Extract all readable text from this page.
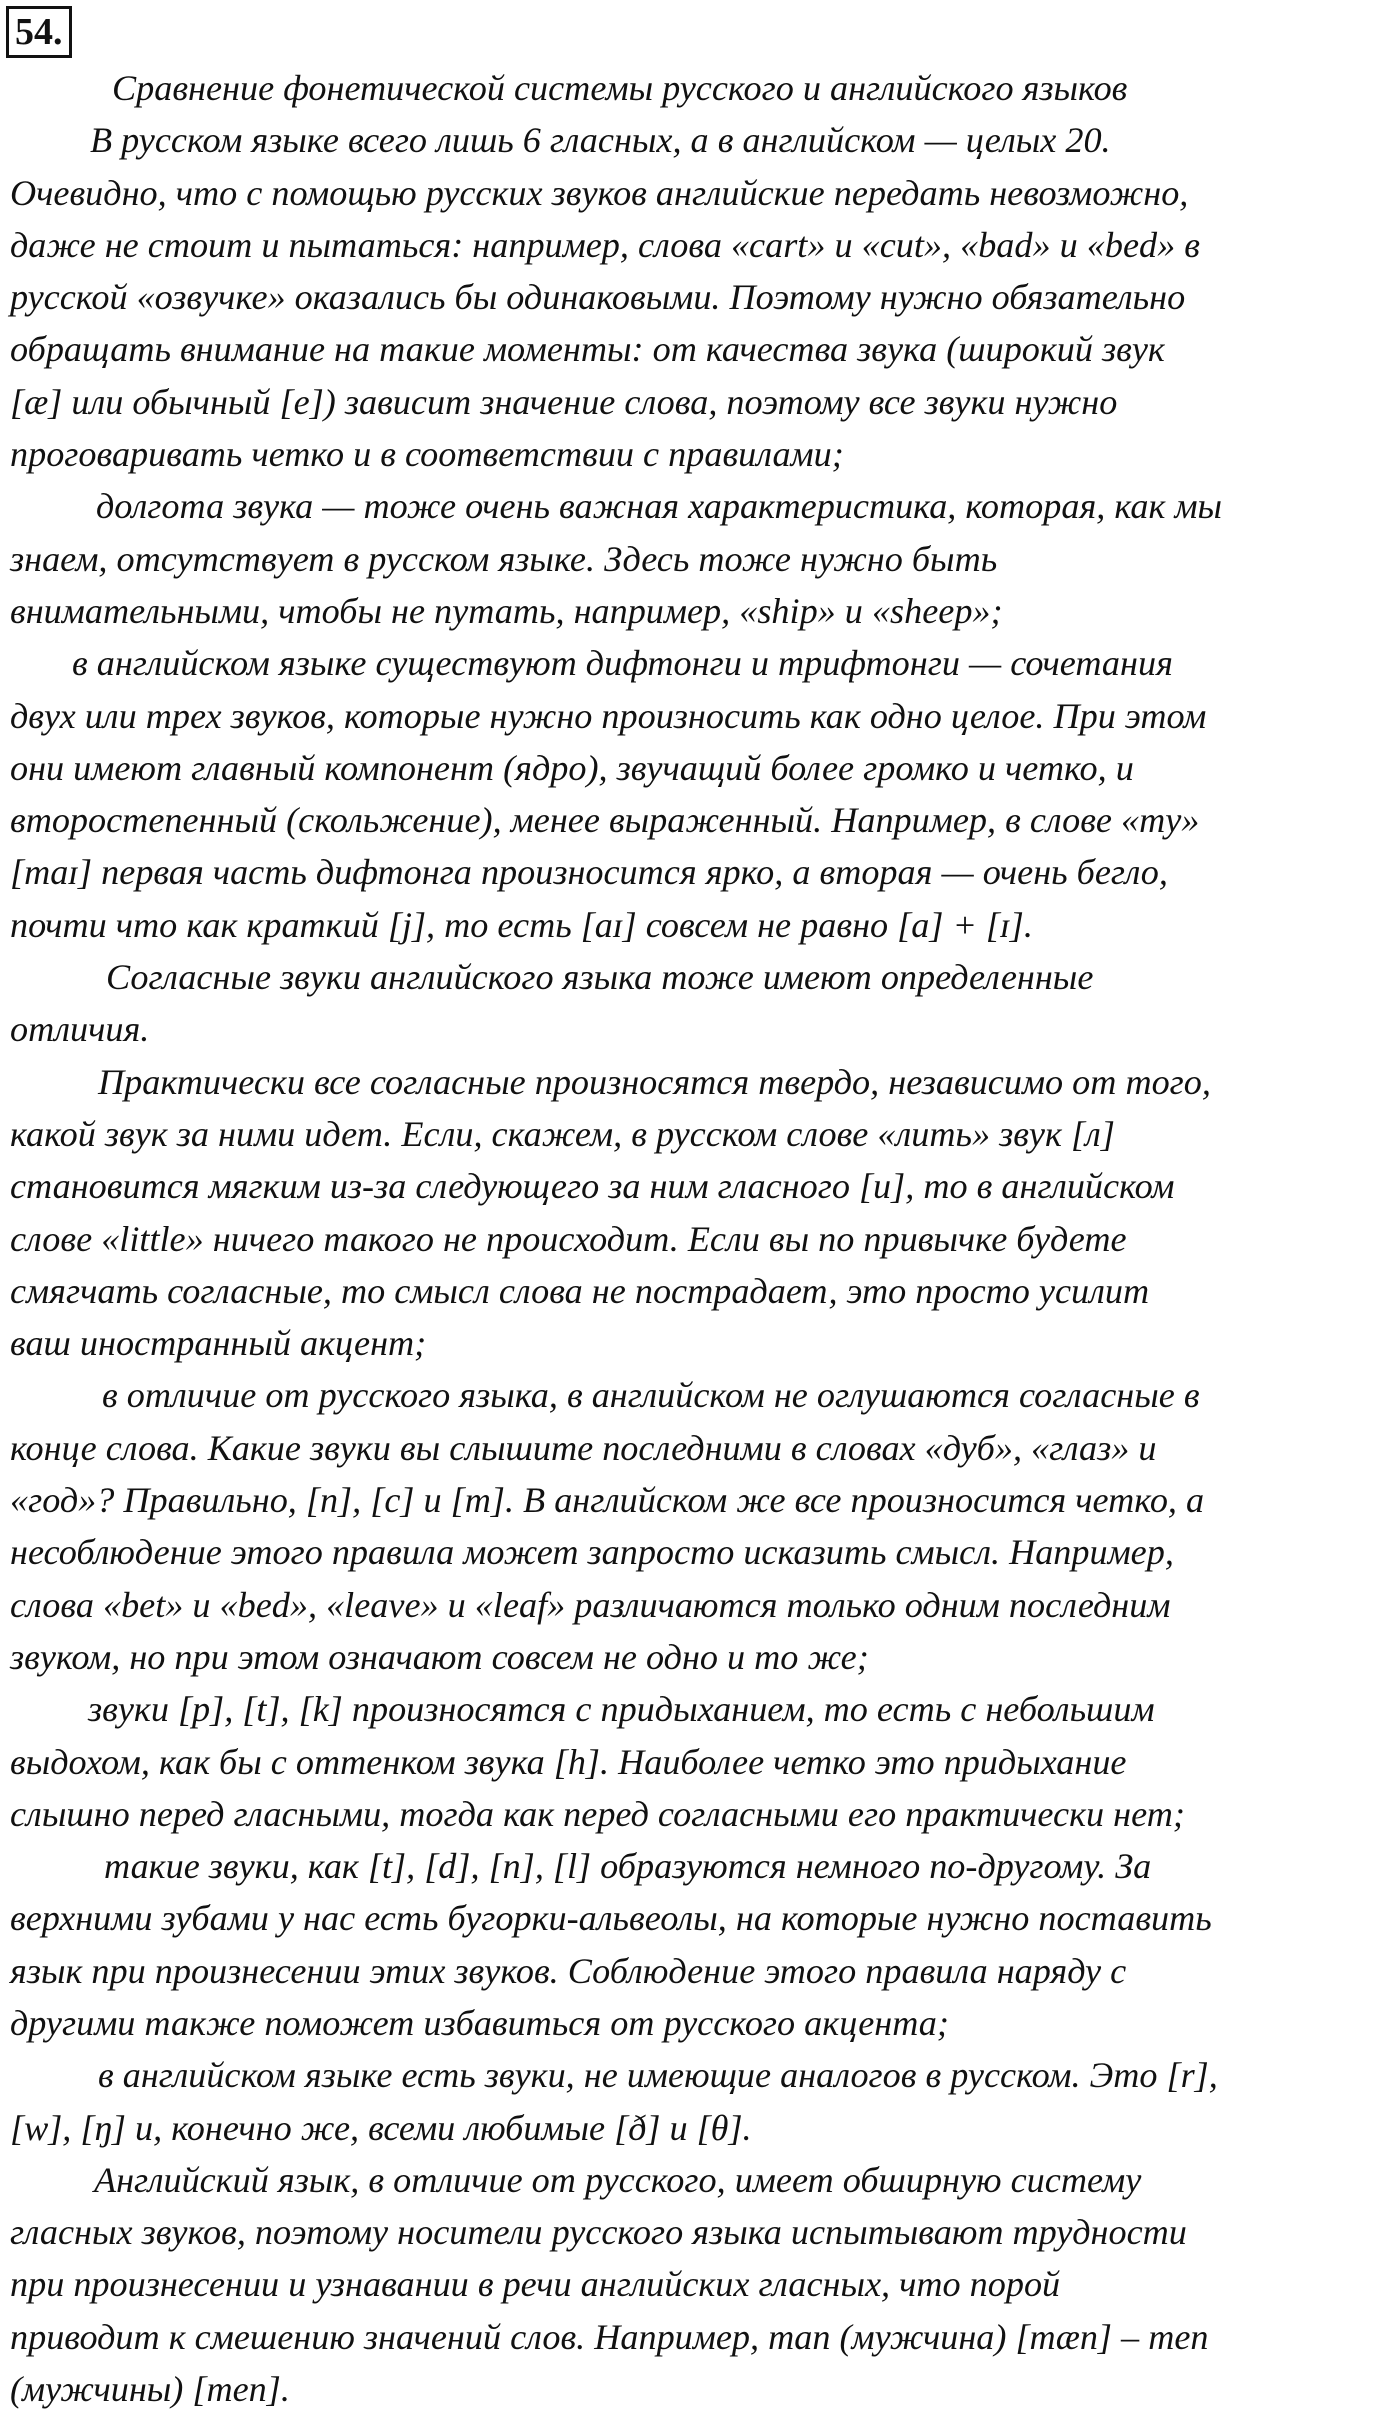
54.
Сравнение фонетической системы русского и английского языков
В русском языке всего лишь 6 гласных, а в английском — целых 20.
Очевидно, что с помощью русских звуков английские передать невозможно,
даже не стоит и пытаться: например, слова «cart» и «cut», «bad» и «bed» в
русской «озвучке» оказались бы одинаковыми. Поэтому нужно обязательно
обращать внимание на такие моменты: от качества звука (широкий звук
[æ] или обычный [e]) зависит значение слова, поэтому все звуки нужно
проговаривать четко и в соответствии с правилами;
долгота звука — тоже очень важная характеристика, которая, как мы
знаем, отсутствует в русском языке. Здесь тоже нужно быть
внимательными, чтобы не путать, например, «ship» и «sheep»;
в английском языке существуют дифтонги и трифтонги — сочетания
двух или трех звуков, которые нужно произносить как одно целое. При этом
они имеют главный компонент (ядро), звучащий более громко и четко, и
второстепенный (скольжение), менее выраженный. Например, в слове «my»
[maɪ] первая часть дифтонга произносится ярко, а вторая — очень бегло,
почти что как краткий [j], то есть [aɪ] совсем не равно [a] + [ɪ].
Согласные звуки английского языка тоже имеют определенные
отличия.
Практически все согласные произносятся твердо, независимо от того,
какой звук за ними идет. Если, скажем, в русском слове «лить» звук [л]
становится мягким из-за следующего за ним гласного [и], то в английском
слове «little» ничего такого не происходит. Если вы по привычке будете
смягчать согласные, то смысл слова не пострадает, это просто усилит
ваш иностранный акцент;
в отличие от русского языка, в английском не оглушаются согласные в
конце слова. Какие звуки вы слышите последними в словах «дуб», «глаз» и
«год»? Правильно, [п], [с] и [т]. В английском же все произносится четко, а
несоблюдение этого правила может запросто исказить смысл. Например,
слова «bet» и «bed», «leave» и «leaf» различаются только одним последним
звуком, но при этом означают совсем не одно и то же;
звуки [p], [t], [k] произносятся с придыханием, то есть с небольшим
выдохом, как бы с оттенком звука [h]. Наиболее четко это придыхание
слышно перед гласными, тогда как перед согласными его практически нет;
такие звуки, как [t], [d], [n], [l] образуются немного по-другому. За
верхними зубами у нас есть бугорки-альвеолы, на которые нужно поставить
язык при произнесении этих звуков. Соблюдение этого правила наряду с
другими также поможет избавиться от русского акцента;
в английском языке есть звуки, не имеющие аналогов в русском. Это [r],
[w], [ŋ] и, конечно же, всеми любимые [ð] и [θ].
Английский язык, в отличие от русского, имеет обширную систему
гласных звуков, поэтому носители русского языка испытывают трудности
при произнесении и узнавании в речи английских гласных, что порой
приводит к смешению значений слов. Например, man (мужчина) [mæn] – men
(мужчины) [men].
